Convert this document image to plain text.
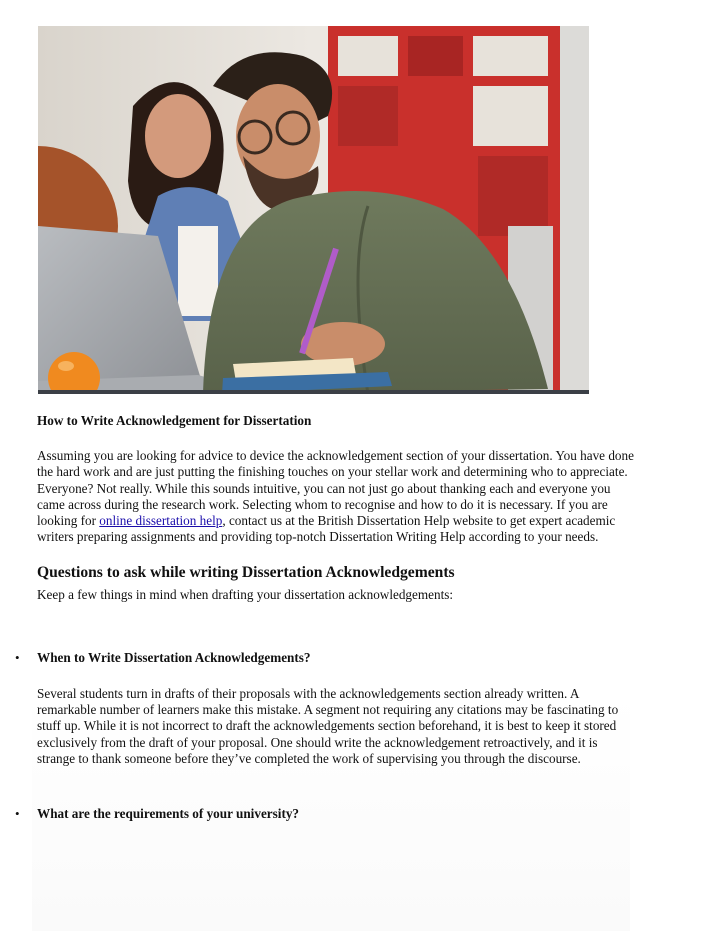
How to Write Acknowledgement for Dissertation

Assuming you are looking for advice to device the acknowledgement section of your dissertation. You have done the hard work and are just putting the finishing touches on your stellar work and determining who to appreciate. Everyone? Not really. While this sounds intuitive, you can not just go about thanking each and everyone you came across during the research work. Selecting whom to recognise and how to do it is necessary. If you are looking for online dissertation help, contact us at the British Dissertation Help website to get expert academic writers preparing assignments and providing top-notch Dissertation Writing Help according to your needs.

Questions to ask while writing Dissertation Acknowledgements

Keep a few things in mind when drafting your dissertation acknowledgements:

• When to Write Dissertation Acknowledgements?

Several students turn in drafts of their proposals with the acknowledgements section already written. A remarkable number of learners make this mistake. A segment not requiring any citations may be fascinating to stuff up. While it is not incorrect to draft the acknowledgements section beforehand, it is best to keep it stored exclusively from the draft of your proposal. One should write the acknowledgement retroactively, and it is strange to thank someone before they’ve completed the work of supervising you through the discourse.

• What are the requirements of your university?
